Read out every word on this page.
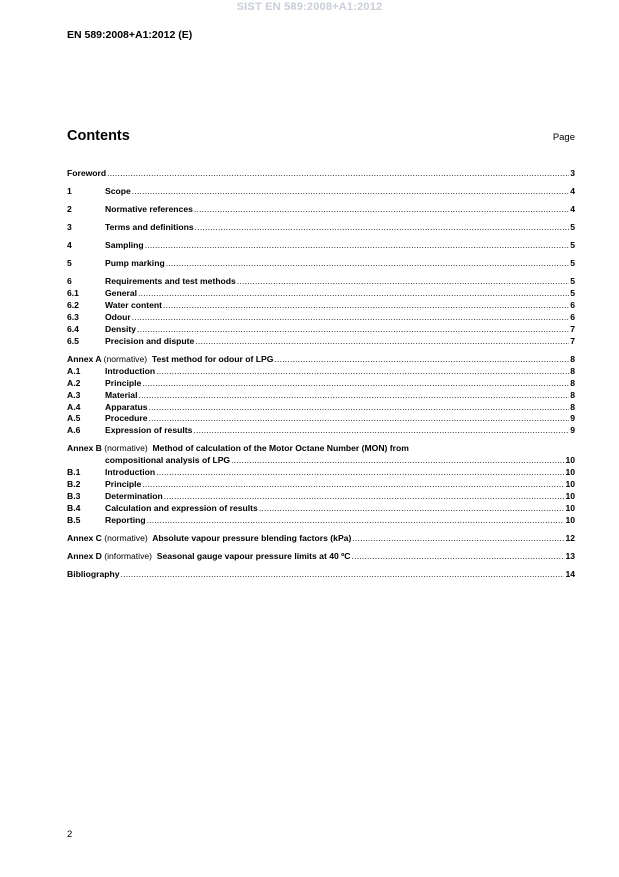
SIST EN 589:2008+A1:2012
EN 589:2008+A1:2012 (E)
Contents	Page
Foreword .....	3
1	Scope .....	4
2	Normative references .....	4
3	Terms and definitions .....	5
4	Sampling .....	5
5	Pump marking .....	5
6	Requirements and test methods .....	5
6.1	General .....	5
6.2	Water content .....	6
6.3	Odour .....	6
6.4	Density .....	7
6.5	Precision and dispute .....	7
Annex A (normative) Test method for odour of LPG .....	8
A.1	Introduction .....	8
A.2	Principle .....	8
A.3	Material .....	8
A.4	Apparatus .....	8
A.5	Procedure .....	9
A.6	Expression of results .....	9
Annex B (normative) Method of calculation of the Motor Octane Number (MON) from
compositional analysis of LPG .....	10
B.1	Introduction .....	10
B.2	Principle .....	10
B.3	Determination .....	10
B.4	Calculation and expression of results .....	10
B.5	Reporting .....	10
Annex C (normative) Absolute vapour pressure blending factors (kPa) .....	12
Annex D (informative) Seasonal gauge vapour pressure limits at 40 ºC .....	13
Bibliography .....	14
2
